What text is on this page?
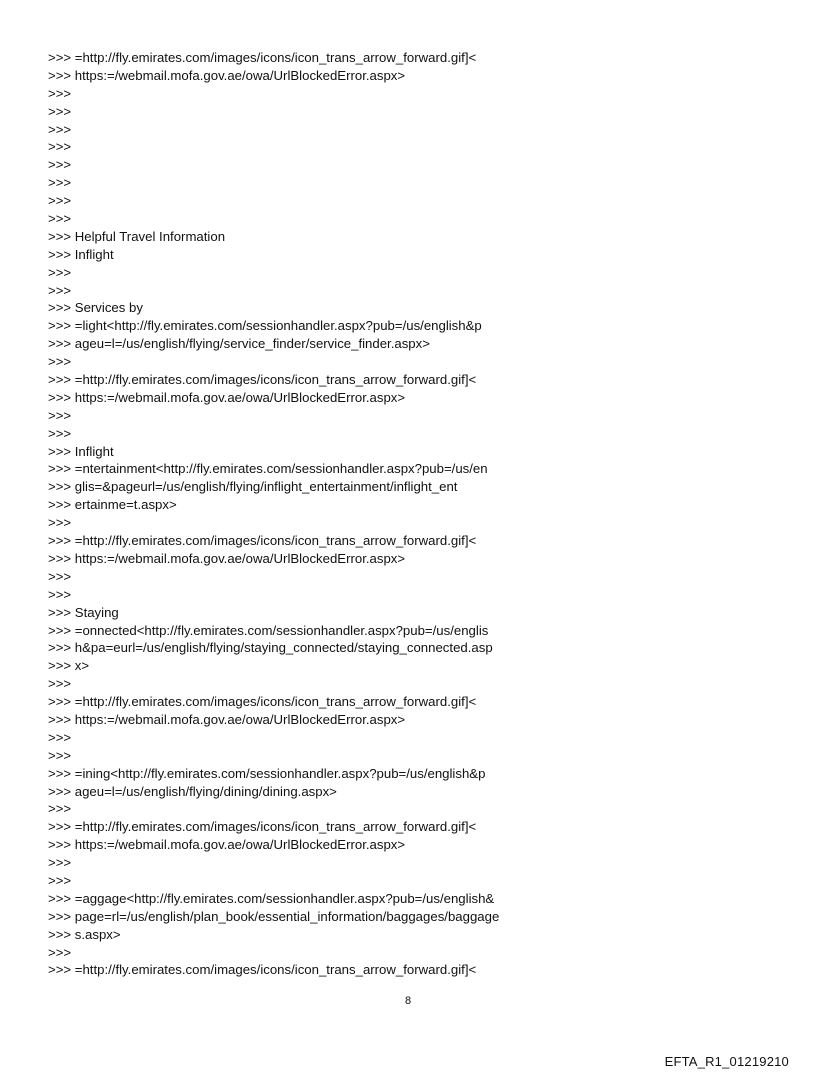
>>> =http://fly.emirates.com/images/icons/icon_trans_arrow_forward.gif]<
>>> https:=/webmail.mofa.gov.ae/owa/UrlBlockedError.aspx>
>>>
>>>
>>>
>>>
>>>
>>>
>>>
>>>
>>> Helpful Travel Information
>>> Inflight
>>>
>>>
>>> Services by
>>> =light<http://fly.emirates.com/sessionhandler.aspx?pub=/us/english&p
>>> ageu=l=/us/english/flying/service_finder/service_finder.aspx>
>>>
>>> =http://fly.emirates.com/images/icons/icon_trans_arrow_forward.gif]<
>>> https:=/webmail.mofa.gov.ae/owa/UrlBlockedError.aspx>
>>>
>>>
>>> Inflight
>>> =ntertainment<http://fly.emirates.com/sessionhandler.aspx?pub=/us/en
>>> glis=&pageurl=/us/english/flying/inflight_entertainment/inflight_ent
>>> ertainme=t.aspx>
>>>
>>> =http://fly.emirates.com/images/icons/icon_trans_arrow_forward.gif]<
>>> https:=/webmail.mofa.gov.ae/owa/UrlBlockedError.aspx>
>>>
>>>
>>> Staying
>>> =onnected<http://fly.emirates.com/sessionhandler.aspx?pub=/us/englis
>>> h&pa=eurl=/us/english/flying/staying_connected/staying_connected.asp
>>> x>
>>>
>>> =http://fly.emirates.com/images/icons/icon_trans_arrow_forward.gif]<
>>> https:=/webmail.mofa.gov.ae/owa/UrlBlockedError.aspx>
>>>
>>>
>>> =ining<http://fly.emirates.com/sessionhandler.aspx?pub=/us/english&p
>>> ageu=l=/us/english/flying/dining/dining.aspx>
>>>
>>> =http://fly.emirates.com/images/icons/icon_trans_arrow_forward.gif]<
>>> https:=/webmail.mofa.gov.ae/owa/UrlBlockedError.aspx>
>>>
>>>
>>> =aggage<http://fly.emirates.com/sessionhandler.aspx?pub=/us/english&
>>> page=rl=/us/english/plan_book/essential_information/baggages/baggage
>>> s.aspx>
>>>
>>> =http://fly.emirates.com/images/icons/icon_trans_arrow_forward.gif]<
8
EFTA_R1_01219210
